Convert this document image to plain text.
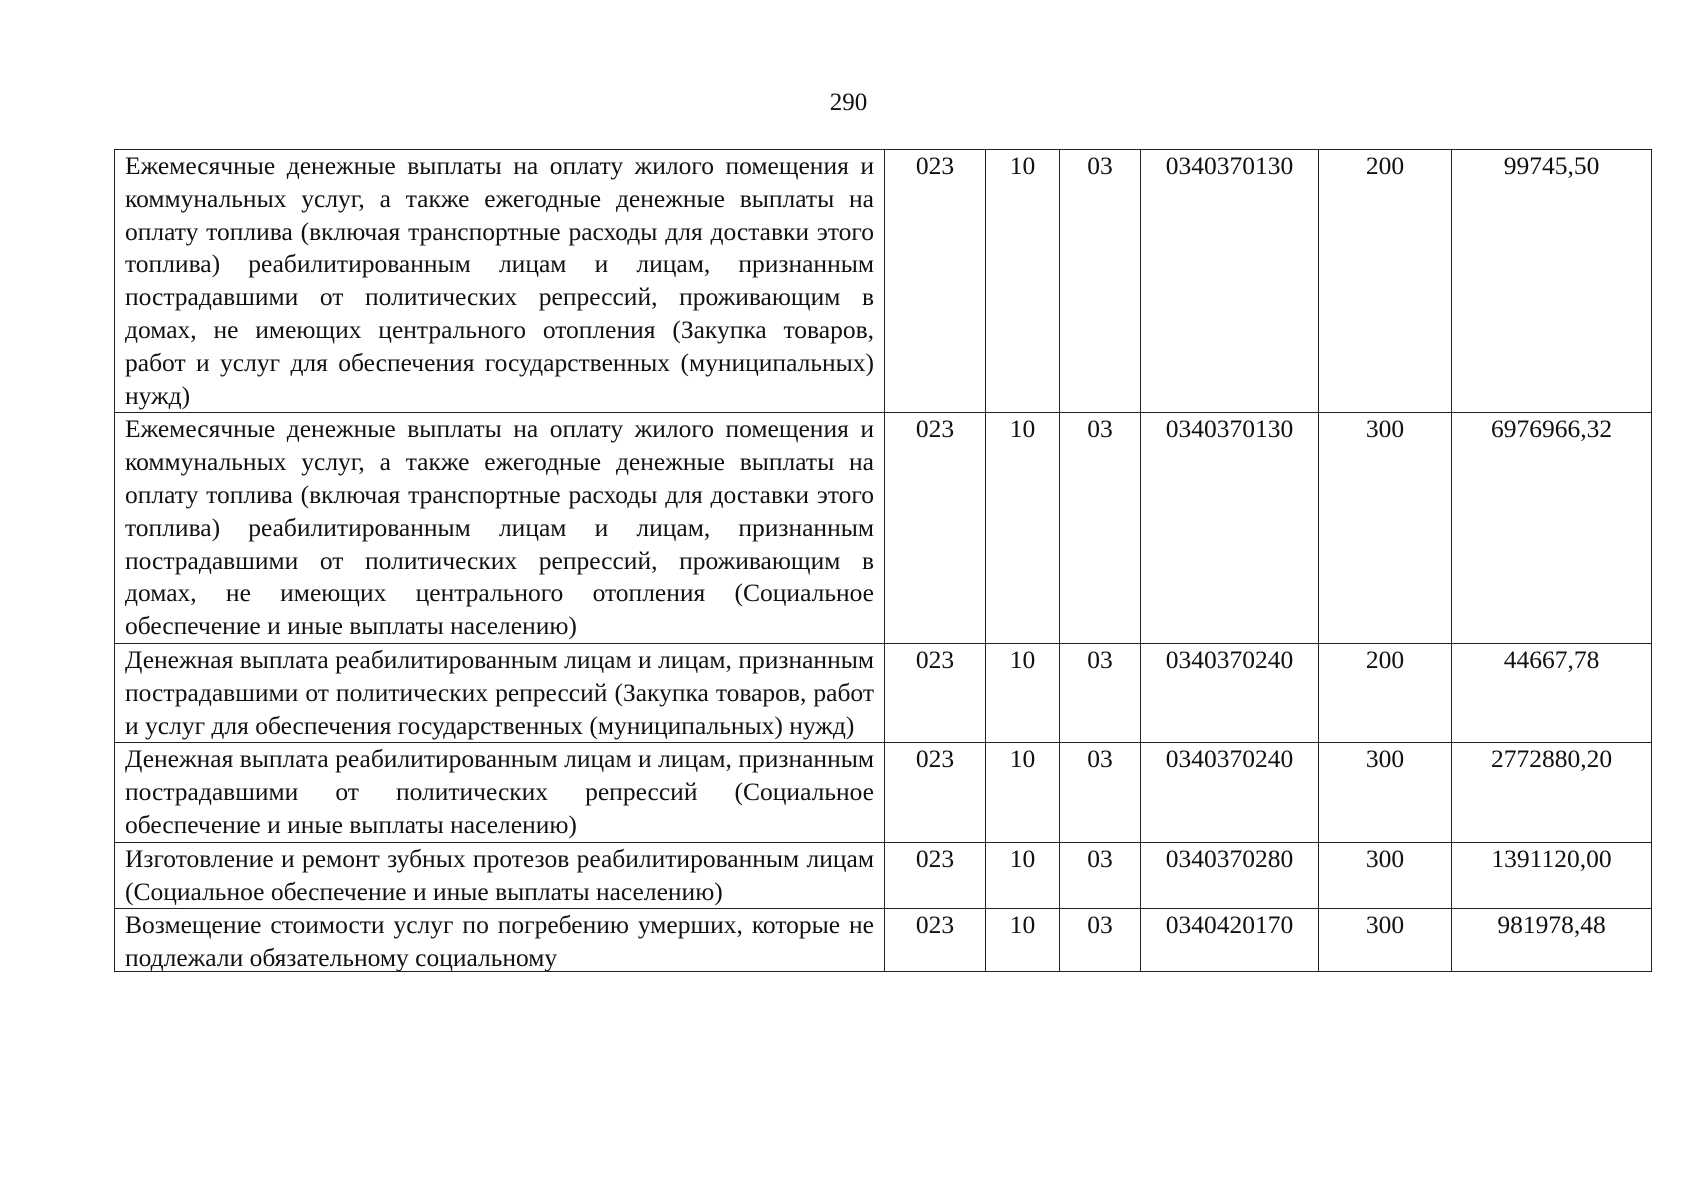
290
Ежемесячные денежные выплаты на оплату жилого помещения и коммунальных услуг, а также ежегодные денежные выплаты на оплату топлива (включая транспортные расходы для доставки этого топлива) реабилитированным лицам и лицам, признанным пострадавшими от политических репрессий, проживающим в домах, не имеющих центрального отопления (Закупка товаров, работ и услуг для обеспечения государственных (муниципальных) нужд)	023	10	03	0340370130	200	99745,50
Ежемесячные денежные выплаты на оплату жилого помещения и коммунальных услуг, а также ежегодные денежные выплаты на оплату топлива (включая транспортные расходы для доставки этого топлива) реабилитированным лицам и лицам, признанным пострадавшими от политических репрессий, проживающим в домах, не имеющих центрального отопления (Социальное обеспечение и иные выплаты населению)	023	10	03	0340370130	300	6976966,32
Денежная выплата реабилитированным лицам и лицам, признанным пострадавшими от политических репрессий (Закупка товаров, работ и услуг для обеспечения государственных (муниципальных) нужд)	023	10	03	0340370240	200	44667,78
Денежная выплата реабилитированным лицам и лицам, признанным пострадавшими от политических репрессий (Социальное обеспечение и иные выплаты населению)	023	10	03	0340370240	300	2772880,20
Изготовление и ремонт зубных протезов реабилитированным лицам (Социальное обеспечение и иные выплаты населению)	023	10	03	0340370280	300	1391120,00

Возмещение стоимости услуг по погребению умерших, которые не подлежали обязательному социальному	023	10	03	0340420170	300	981978,48
